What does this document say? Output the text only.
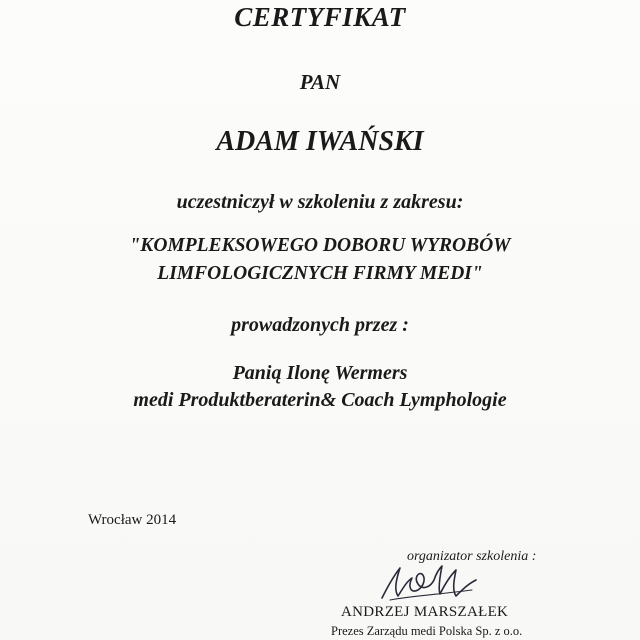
CERTYFIKAT
PAN
ADAM IWAŃSKI
uczestniczył w szkoleniu z zakresu:
"KOMPLEKSOWEGO DOBORU WYROBÓW
LIMFOLOGICZNYCH FIRMY MEDI"
prowadzonych przez :
Panią Ilonę Wermers
medi Produktberaterin& Coach Lymphologie
Wrocław 2014
organizator szkolenia :
ANDRZEJ MARSZAŁEK
Prezes Zarządu medi Polska Sp. z o.o.
